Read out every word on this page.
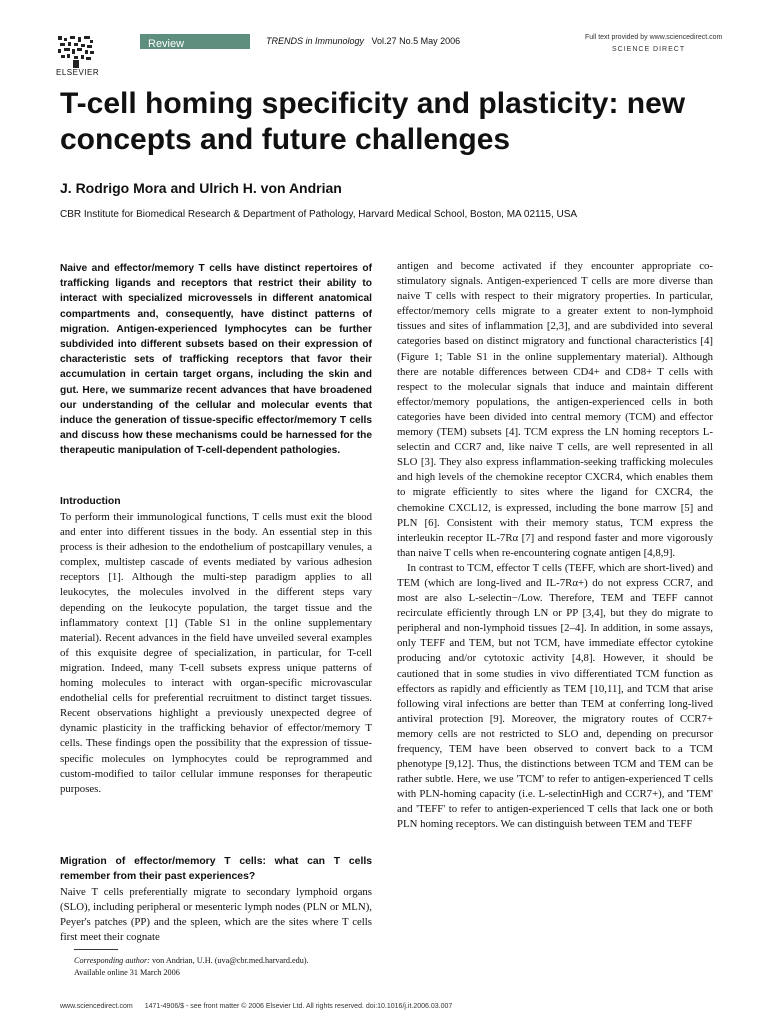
ELSEVIER
Review	TRENDS in Immunology Vol.27 No.5 May 2006	Full text provided by www.sciencedirect.com
SCIENCE DIRECT
T-cell homing specificity and plasticity: new concepts and future challenges
J. Rodrigo Mora and Ulrich H. von Andrian
CBR Institute for Biomedical Research & Department of Pathology, Harvard Medical School, Boston, MA 02115, USA
Naive and effector/memory T cells have distinct repertoires of trafficking ligands and receptors that restrict their ability to interact with specialized microvessels in different anatomical compartments and, consequently, have distinct patterns of migration. Antigen-experienced lymphocytes can be further subdivided into different subsets based on their expression of characteristic sets of trafficking receptors that favor their accumulation in certain target organs, including the skin and gut. Here, we summarize recent advances that have broadened our understanding of the cellular and molecular events that induce the generation of tissue-specific effector/memory T cells and discuss how these mechanisms could be harnessed for the therapeutic manipulation of T-cell-dependent pathologies.
Introduction
To perform their immunological functions, T cells must exit the blood and enter into different tissues in the body. An essential step in this process is their adhesion to the endothelium of postcapillary venules, a complex, multistep cascade of events mediated by various adhesion receptors [1]. Although the multi-step paradigm applies to all leukocytes, the molecules involved in the different steps vary depending on the leukocyte population, the target tissue and the inflammatory context [1] (Table S1 in the online supplementary material). Recent advances in the field have unveiled several examples of this exquisite degree of specialization, in particular, for T-cell migration. Indeed, many T-cell subsets express unique patterns of homing molecules to interact with organ-specific microvascular endothelial cells for preferential recruitment to distinct target tissues. Recent observations highlight a previously unexpected degree of dynamic plasticity in the trafficking behavior of effector/memory T cells. These findings open the possibility that the expression of tissue-specific molecules on lymphocytes could be reprogrammed and custom-modified to tailor cellular immune responses for therapeutic purposes.
Migration of effector/memory T cells: what can T cells remember from their past experiences?
Naive T cells preferentially migrate to secondary lymphoid organs (SLO), including peripheral or mesenteric lymph nodes (PLN or MLN), Peyer's patches (PP) and the spleen, which are the sites where T cells first meet their cognate
Corresponding author: von Andrian, U.H. (uva@cbr.med.harvard.edu).
Available online 31 March 2006
antigen and become activated if they encounter appropriate co-stimulatory signals. Antigen-experienced T cells are more diverse than naive T cells with respect to their migratory properties. In particular, effector/memory cells migrate to a greater extent to non-lymphoid tissues and sites of inflammation [2,3], and are subdivided into several categories based on distinct migratory and functional characteristics [4] (Figure 1; Table S1 in the online supplementary material). Although there are notable differences between CD4+ and CD8+ T cells with respect to the molecular signals that induce and maintain different effector/memory populations, the antigen-experienced cells in both categories have been divided into central memory (TCM) and effector memory (TEM) subsets [4]. TCM express the LN homing receptors L-selectin and CCR7 and, like naive T cells, are well represented in all SLO [3]. They also express inflammation-seeking trafficking molecules and high levels of the chemokine receptor CXCR4, which enables them to migrate efficiently to sites where the ligand for CXCR4, the chemokine CXCL12, is expressed, including the bone marrow [5] and PLN [6]. Consistent with their memory status, TCM express the interleukin receptor IL-7Rα [7] and respond faster and more vigorously than naive T cells when re-encountering cognate antigen [4,8,9].
In contrast to TCM, effector T cells (TEFF, which are short-lived) and TEM (which are long-lived and IL-7Rα+) do not express CCR7, and most are also L-selectin−/Low. Therefore, TEM and TEFF cannot recirculate efficiently through LN or PP [3,4], but they do migrate to peripheral and non-lymphoid tissues [2–4]. In addition, in some assays, only TEFF and TEM, but not TCM, have immediate effector cytokine producing and/or cytotoxic activity [4,8]. However, it should be cautioned that in some studies in vivo differentiated TCM function as effectors as rapidly and efficiently as TEM [10,11], and TCM that arise following viral infections are better than TEM at conferring long-lived antiviral protection [9]. Moreover, the migratory routes of CCR7+ memory cells are not restricted to SLO and, depending on precursor frequency, TEM have been observed to convert back to a TCM phenotype [9,12]. Thus, the distinctions between TCM and TEM can be rather subtle. Here, we use 'TCM' to refer to antigen-experienced T cells with PLN-homing capacity (i.e. L-selectinHigh and CCR7+), and 'TEM' and 'TEFF' to refer to antigen-experienced T cells that lack one or both PLN homing receptors. We can distinguish between TEM and TEFF
www.sciencedirect.com 1471-4906/$ - see front matter © 2006 Elsevier Ltd. All rights reserved. doi:10.1016/j.it.2006.03.007
